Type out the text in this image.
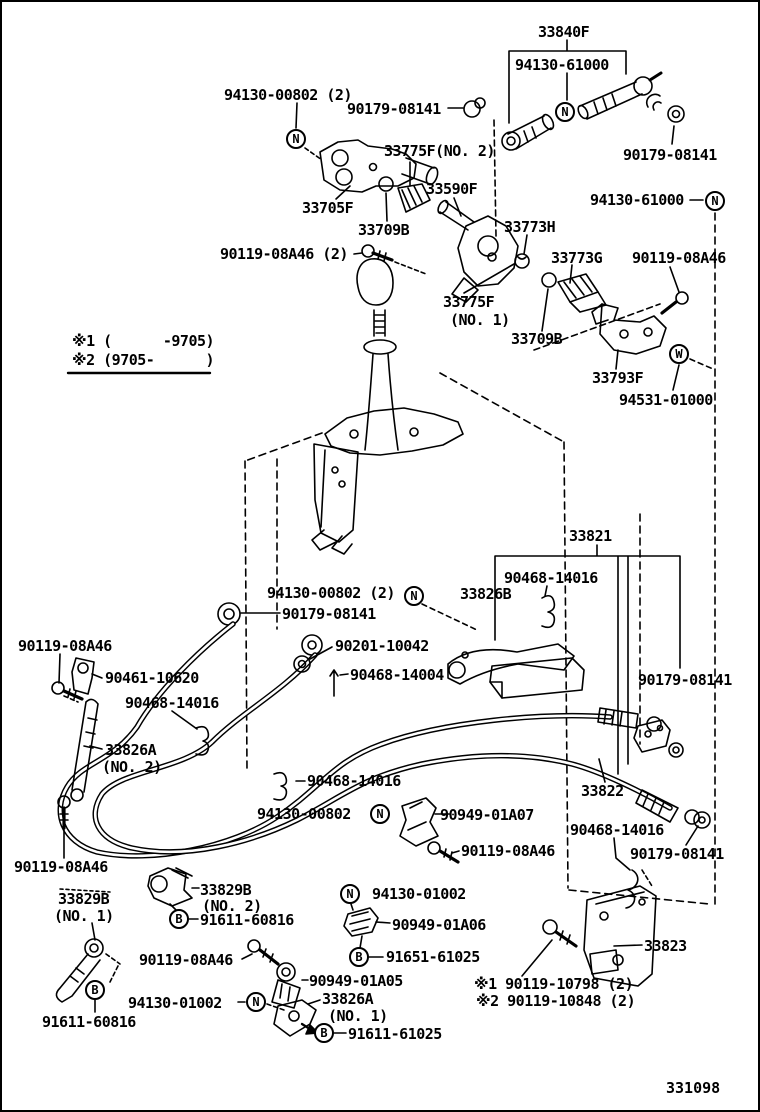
33840F
94130-61000
94130-00802 (2)
90179-08141
33775F(NO. 2)	90179-08141
33705F
33590F
94130-61000
33709B	33773H
90119-08A46 (2)	33773G 90119-08A46
33775F
(NO. 1)
33709B
33793F
94531-01000
※1 (      -9705)
※2 (9705-      )
33821
90468-14016
94130-00802 (2)	33826B
90179-08141
90119-08A46	90201-10042
90461-10620	90468-14004	90179-08141
90468-14016
33826A
(NO. 2)
90468-14016
94130-00802	90949-01A07
33822
90468-14016
90119-08A46	90179-08141
90119-08A46
33829B
(NO. 1)
33829B
(NO. 2)
91611-60816
94130-01002
90949-01A06
91651-61025
90119-08A46
90949-01A05
33826A
(NO. 1)
94130-01002
91611-60816
91611-61025
33823
※1 90119-10798 (2)
※2 90119-10848 (2)
331098
N
N
N
W
N
N
N
B
B
B
N
B
